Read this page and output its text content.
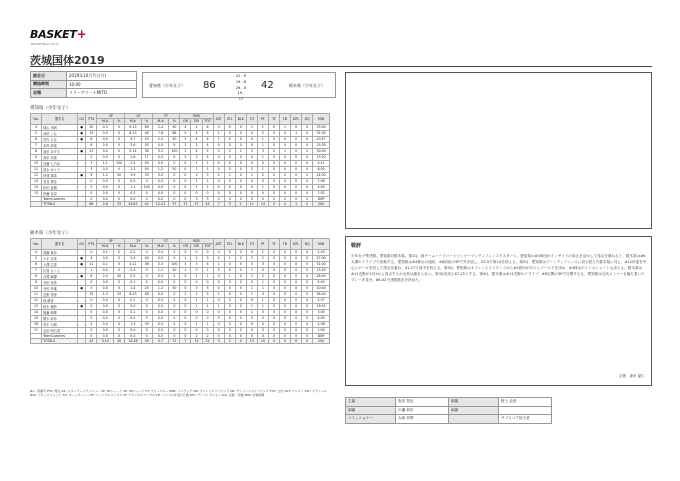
BASKET+
BASKETBALL PLUS
茨城国体2019
試合日	2019年10月7日(月)
開始時刻	10:00
会場	リリーアリーナMITO
愛知県（少年女子） 86
22 - 9
19 - 8
26 - 8
19 - 17
42	栃木県（少年女子）
愛知県（少年女子）
No.	選手名	GS	PTS	3P		2P		FT		REB			AST	STL	BLK	TO	PF	TF	FD	DFL	DQ	MIN
				M-A	%	M-A	%	M-A	%	OR	DR	TOT										
4	林山 実帆	●	20	0-3	0	9-13	69	2-4	50	4	2	6	0	0	0	2	1	0	1	0	0	33:00
5	西田 こな	●	19	0-0	0	6-13	46	7-8	88	5	4	9	1	0	0	4	2	0	0	1	0	31:00
6	竹内 ひな	●	8	0-0	0	3-7	43	2-4	50	2	4	6	1	0	0	0	1	0	0	0	0	20:57
7	本村 紗楽		6	0-0	0	3-6	50	0-0	0	2	2	4	0	0	0	0	1	0	0	0	0	15:30
8	前田 あずさ	●	13	0-0	0	5-14	36	3-3	100	1	4	5	3	2	1	2	3	0	1	0	0	30:00
9	高松 奈那		2	0-0	0	1-6	17	0-0	0	2	3	5	0	0	0	0	1	0	0	0	0	13:20
10	近藤 七乃花		3	1-1	100	1-2	50	0-0	0	0	1	1	0	0	0	0	0	0	0	0	0	5:11
11	清水 ゆうり		3	0-0	0	1-2	50	1-2	50	0	1	1	0	0	0	2	1	0	0	0	0	8:00
12	伊達 真希	●	9	1-2	50	3-9	33	0-0	0	0	3	3	2	1	0	1	2	0	0	0	0	24:00
13	長見 愛佳		0	0-0	0	0-3	0	0-0	0	0	1	1	0	0	0	0	0	0	0	0	0	7:06
14	松田 直樹		2	0-0	0	1-1	100	0-0	0	0	1	1	0	0	0	0	1	0	0	0	0	4:00
15	伊藤 奈央		0	0-0	0	0-3	0	0-0	0	0	0	0	0	0	0	0	0	0	0	0	0	7:52
	TeamCoaches		0	0-0	0	0-0	0	0-0	0	0	3	3	0	0	0	0	0	0	0	0	0	DNP
	TOTALS		86	2-6	33	34-81	42	12-21	57	17	27	44	7	3	1	11	14	0	2	1	0	200
栃木県（少年女子）
No.	選手名	GS	PTS	3P		2P		FT		REB			AST	STL	BLK	TO	PF	TF	FD	DFL	DQ	MIN
				M-A	%	M-A	%	M-A	%	OR	DR	TOT										
4	齋藤 真彩		0	0-1	0	0-2	0	0-0	0	0	0	0	0	0	0	0	1	0	0	0	0	1:43
5	小平 沙菜	●	4	0-0	0	2-5	40	0-0	0	1	2	3	0	1	0	3	2	0	0	0	0	27:00
6	大澤 広恵	●	11	0-1	0	4-11	36	3-3	100	3	3	6	1	0	0	5	3	0	0	0	0	31:00
7	川島 さくら		1	0-0	0	0-4	0	1-2	50	1	0	1	0	0	0	1	0	0	0	0	0	13:29
8	吉間 麻優	●	6	2-5	40	0-3	0	0-0	0	0	1	1	0	1	0	2	2	0	0	0	0	28:00
9	外田 寿希		0	0-0	0	0-1	0	0-0	0	0	0	0	0	0	0	0	1	0	0	0	0	5:00
10	寺田 玲葉	●	3	0-0	0	1-4	25	1-2	50	0	3	3	0	0	0	1	1	0	0	0	0	20:40
11	近野 美里		15	1-3	33	6-13	46	0-0	0	2	1	3	1	0	0	1	3	0	0	0	0	28:00
12	林 優香		0	0-0	0	0-1	0	0-0	0	0	1	1	0	0	0	0	1	0	0	0	0	2:37
13	鈴木 理紗	●	0	0-0	0	0-0	0	0-0	0	0	1	1	1	0	0	1	1	0	0	0	0	29:51
14	後藤 萌華		0	0-0	0	0-1	0	0-0	0	0	0	0	0	0	0	1	0	0	0	0	0	3:00
15	関木 紗彩		0	0-0	0	0-0	0	0-0	0	0	0	0	0	0	0	0	0	0	0	0	0	4:00
16	青木 乃利		2	0-0	0	1-3	33	0-0	0	0	1	1	0	0	0	0	0	0	0	0	0	4:38
17	志田 明日香		0	0-0	0	0-0	0	0-0	0	0	0	0	0	0	0	0	0	0	0	0	0	1:00
	TeamCoaches		0	0-0	0	0-0	0	0-0	0	0	2	2	0	0	0	0	0	0	0	0	0	DNP
	TOTALS		42	3-10	30	14-48	29	5-7	71	7	15	22	3	2	0	15	15	0	0	0	0	200
No.: 背番号 PTS: 得点 GS: スターティングメンバー 3P: 3Pシュート 2P: 2Pシュート FT: フリースロー REB: リバウンド OR: オフェンスリバウンド DR: ディフェンスリバウンド TOT: 合計 AST: アシスト STL: スティール BLK: ブロックショット TO: ターンオーバー PF: パーソナルファウル TF: テクニカルファウル FD: ファウルを受けた数 DFL: ディフレクション DQ: 失格・退場 MIN: 出場時間
戦評
少年女子準決勝。愛知県対栃木県。第1Q、両チームハーフコートマンツーマンディフェンスでスタート。愛知県の#5西田がインサイドの高さを活かして得点を重ねると、栃木県は#6大澤のドライブで応戦する。愛知県は#4林山の速攻、#8前田の3Pで突き放し、22-9で第1Qを終える。第2Q、愛知県はゾーンディフェンスに切り替えた栃木県に対し、#12伊達を中心にボールを回して得点を重ね、41-17で前半を終える。第3Q、愛知県はオフェンスリバウンドから#5西田が次々とゴール下を決め、#4林山のミドルシュートも冴える。栃木県は#11近野が1対1から得点するが点差は縮まらない。第3Qを終え67-25とする。第4Q、栃木県は#11近野のドライブ、#8吉間の3Pで反撃するも、愛知県は交代メンバーも落ち着いたプレーを見せ、86-42で決勝進出を決めた。
文責：神永 晶仁
主審	塩田 智也	副審	野上 克美
副審	川瀬 和宏	副審	
コミッショナー	大崎 昌利		サブスコア担当者
